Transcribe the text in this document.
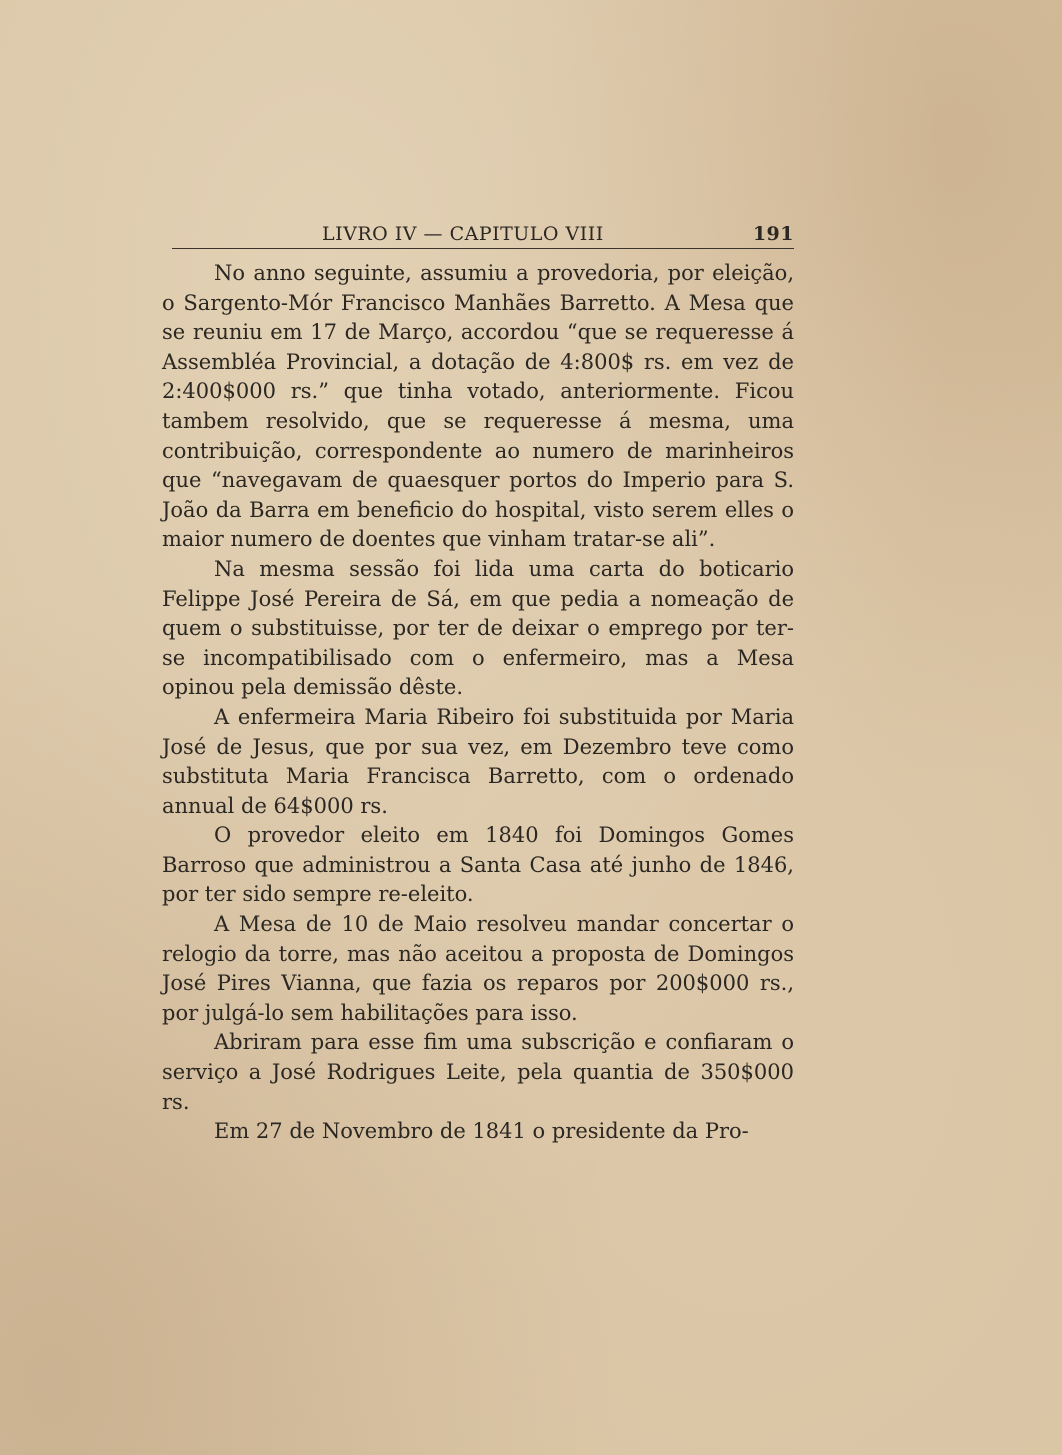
LIVRO IV — CAPITULO VIII	191

No anno seguinte, assumiu a provedoria, por eleição, o Sargento-Mór Francisco Manhães Barretto. A Mesa que se reuniu em 17 de Março, accordou “que se requeresse á Assembléa Provincial, a dotação de 4:800$ rs. em vez de 2:400$000 rs.” que tinha votado, anteriormente. Ficou tambem resolvido, que se requeresse á mesma, uma contribuição, correspondente ao numero de marinheiros que “navegavam de quaesquer portos do Imperio para S. João da Barra em beneficio do hospital, visto serem elles o maior numero de doentes que vinham tratar-se ali”.

Na mesma sessão foi lida uma carta do boticario Felippe José Pereira de Sá, em que pedia a nomeação de quem o substituisse, por ter de deixar o emprego por ter-se incompatibilisado com o enfermeiro, mas a Mesa opinou pela demissão dêste.

A enfermeira Maria Ribeiro foi substituida por Maria José de Jesus, que por sua vez, em Dezembro teve como substituta Maria Francisca Barretto, com o ordenado annual de 64$000 rs.

O provedor eleito em 1840 foi Domingos Gomes Barroso que administrou a Santa Casa até junho de 1846, por ter sido sempre re-eleito.

A Mesa de 10 de Maio resolveu mandar concertar o relogio da torre, mas não aceitou a proposta de Domingos José Pires Vianna, que fazia os reparos por 200$000 rs., por julgá-lo sem habilitações para isso.

Abriram para esse fim uma subscrição e confiaram o serviço a José Rodrigues Leite, pela quantia de 350$000 rs.

Em 27 de Novembro de 1841 o presidente da Pro-
